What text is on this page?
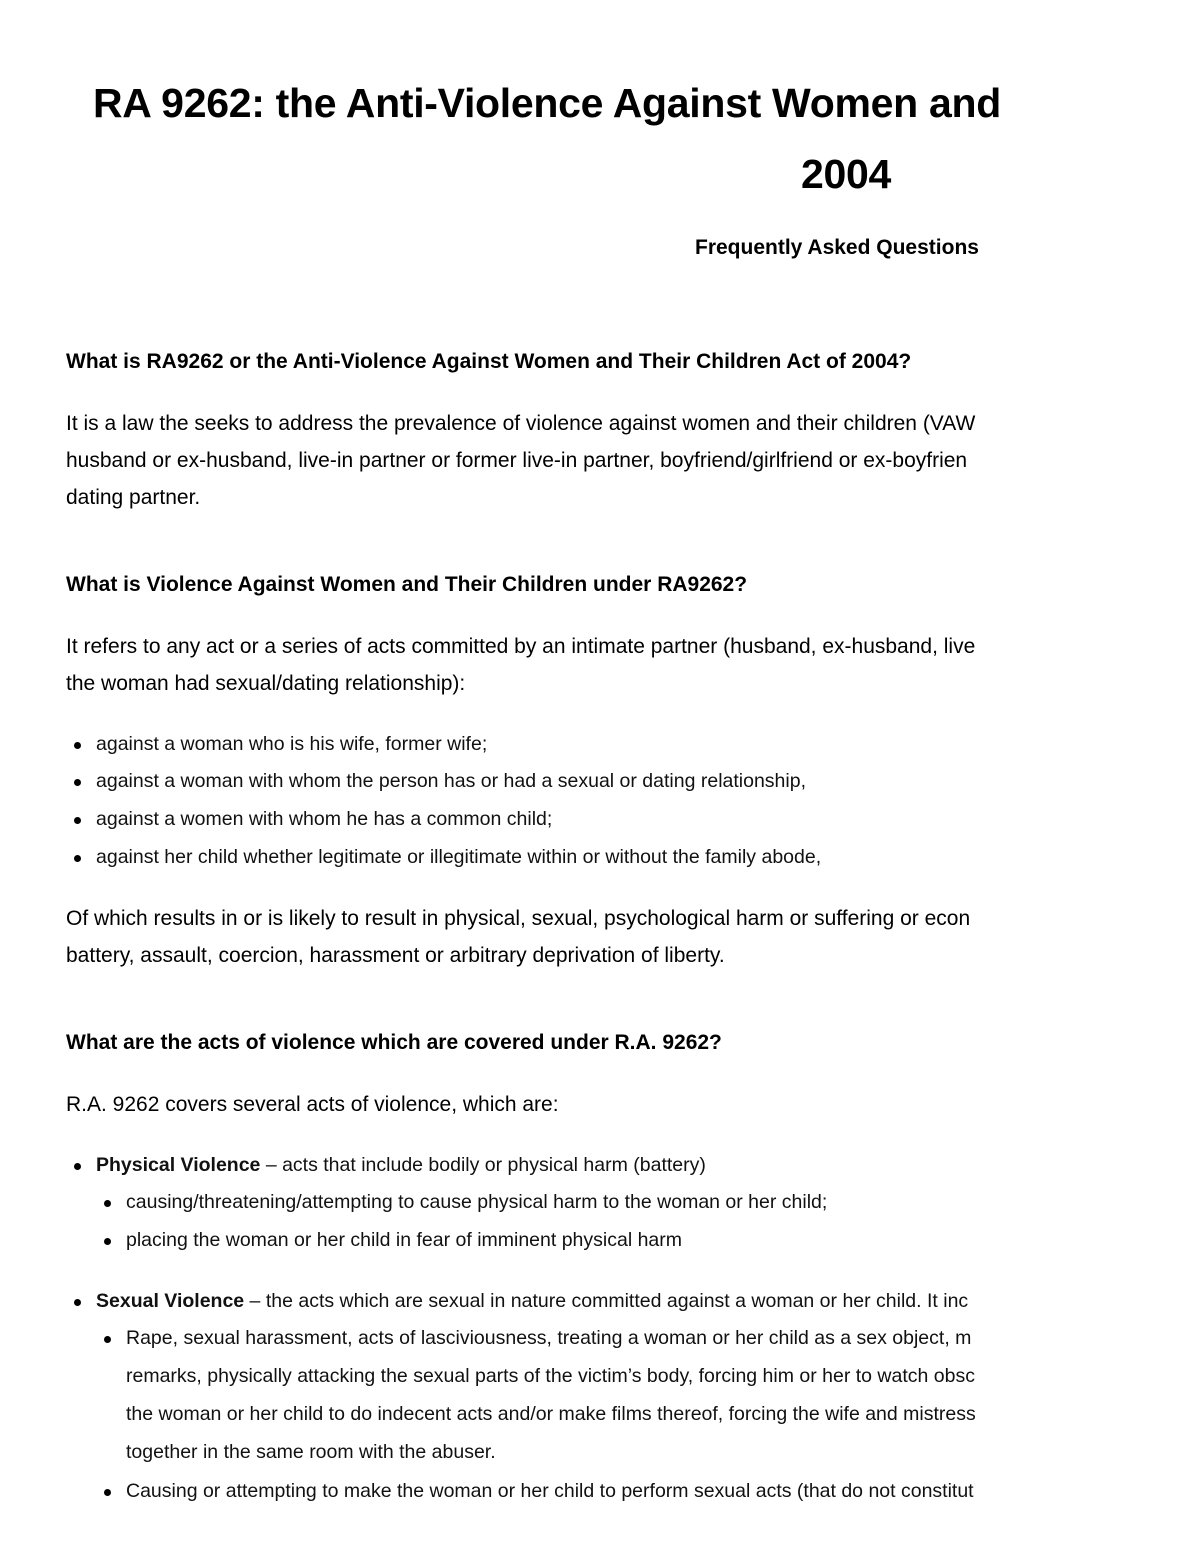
RA 9262: the Anti-Violence Against Women and
2004
Frequently Asked Questions
What is RA9262 or the Anti-Violence Against Women and Their Children Act of 2004?
It is a law the seeks to address the prevalence of violence against women and their children (VAW
husband or ex-husband, live-in partner or former live-in partner, boyfriend/girlfriend or ex-boyfrien
dating partner.
What is Violence Against Women and Their Children under RA9262?
It refers to any act or a series of acts committed by an intimate partner (husband, ex-husband, live
the woman had sexual/dating relationship):
against a woman who is his wife, former wife;
against a woman with whom the person has or had a sexual or dating relationship,
against a women with whom he has a common child;
against her child whether legitimate or illegitimate within or without the family abode,
Of which results in or is likely to result in physical, sexual, psychological harm or suffering or econ
battery, assault, coercion, harassment or arbitrary deprivation of liberty.
What are the acts of violence which are covered under R.A. 9262?
R.A. 9262 covers several acts of violence, which are:
Physical Violence – acts that include bodily or physical harm (battery)
causing/threatening/attempting to cause physical harm to the woman or her child;
placing the woman or her child in fear of imminent physical harm
Sexual Violence – the acts which are sexual in nature committed against a woman or her child. It inc
Rape, sexual harassment, acts of lasciviousness, treating a woman or her child as a sex object, m
remarks, physically attacking the sexual parts of the victim’s body, forcing him or her to watch obsc
the woman or her child to do indecent acts and/or make films thereof, forcing the wife and mistress
together in the same room with the abuser.
Causing or attempting to make the woman or her child to perform sexual acts (that do not constitut
